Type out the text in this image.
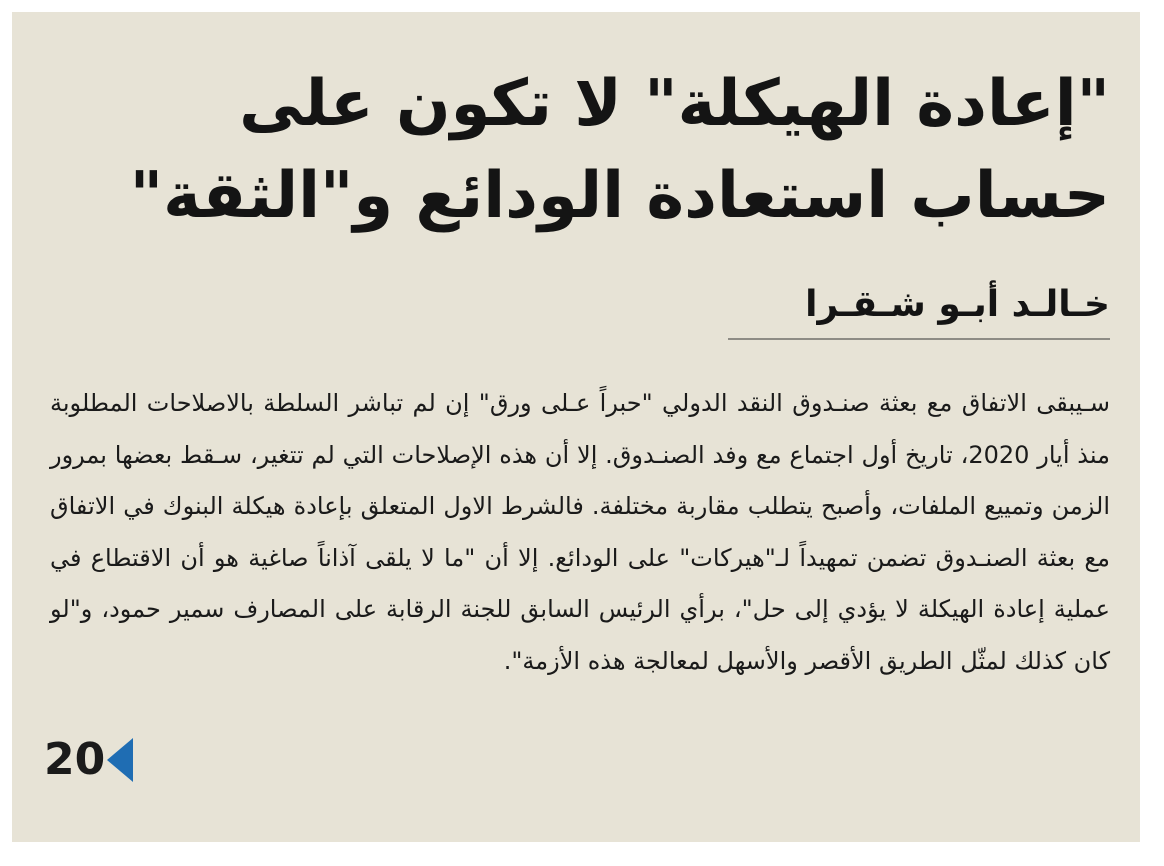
"إعادة الهيكلة" لا تكون على حساب استعادة الودائع و"الثقة"
خـالـد أبـو شـقـرا

سـيبقى الاتفاق مع بعثة صنـدوق النقد الدولي "حبراً عـلى ورق" إن لم تباشر السلطة بالاصلاحات المطلوبة منذ أيار 2020، تاريخ أول اجتماع مع وفد الصنـدوق. إلا أن هذه الإصلاحات التي لم تتغير، سـقط بعضها بمرور الزمن وتمييع الملفات، وأصبح يتطلب مقاربة مختلفة. فالشرط الاول المتعلق بإعادة هيكلة البنوك في الاتفاق مع بعثة الصنـدوق تضمن تمهيداً لـ"هيركات" على الودائع. إلا أن "ما لا يلقى آذاناً صاغية هو أن الاقتطاع في عملية إعادة الهيكلة لا يؤدي إلى حل"، برأي الرئيس السابق للجنة الرقابة على المصارف سمير حمود، و"لو كان كذلك لمثّل الطريق الأقصر والأسهل لمعالجة هذه الأزمة".

20
